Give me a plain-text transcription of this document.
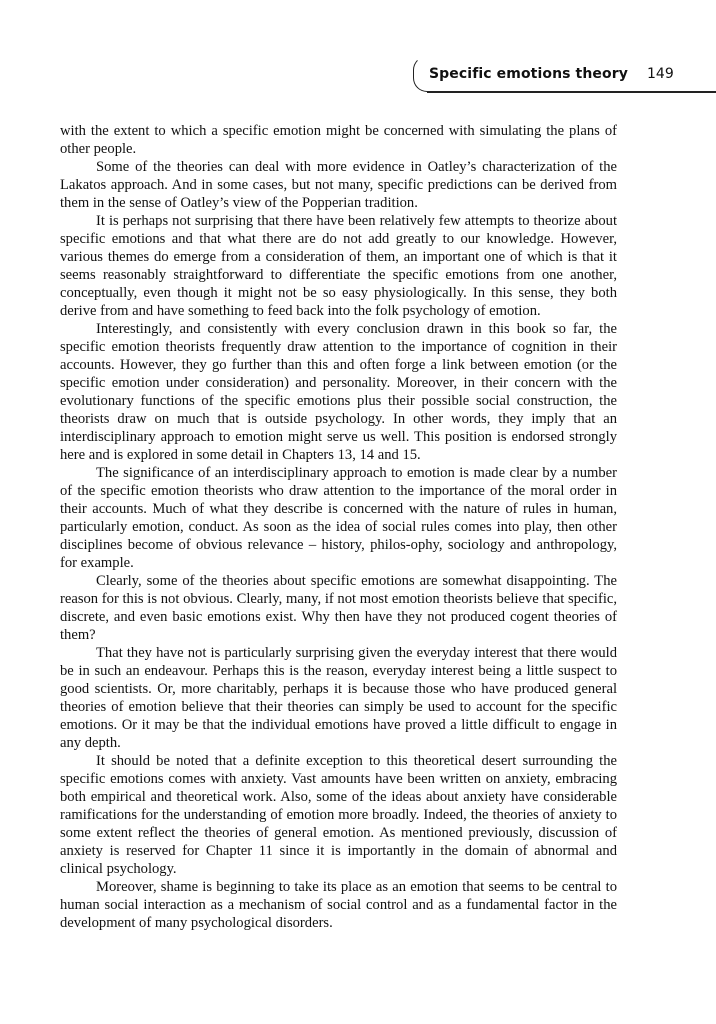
Specific emotions theory 149

with the extent to which a specific emotion might be concerned with simulating the plans of other people.

Some of the theories can deal with more evidence in Oatley’s characterization of the Lakatos approach. And in some cases, but not many, specific predictions can be derived from them in the sense of Oatley’s view of the Popperian tradition.

It is perhaps not surprising that there have been relatively few attempts to theorize about specific emotions and that what there are do not add greatly to our knowledge. However, various themes do emerge from a consideration of them, an important one of which is that it seems reasonably straightforward to differentiate the specific emotions from one another, conceptually, even though it might not be so easy physiologically. In this sense, they both derive from and have something to feed back into the folk psychology of emotion.

Interestingly, and consistently with every conclusion drawn in this book so far, the specific emotion theorists frequently draw attention to the importance of cognition in their accounts. However, they go further than this and often forge a link between emotion (or the specific emotion under consideration) and personality. Moreover, in their concern with the evolutionary functions of the specific emotions plus their possible social construction, the theorists draw on much that is outside psychology. In other words, they imply that an interdisciplinary approach to emotion might serve us well. This position is endorsed strongly here and is explored in some detail in Chapters 13, 14 and 15.

The significance of an interdisciplinary approach to emotion is made clear by a number of the specific emotion theorists who draw attention to the importance of the moral order in their accounts. Much of what they describe is concerned with the nature of rules in human, particularly emotion, conduct. As soon as the idea of social rules comes into play, then other disciplines become of obvious relevance – history, philos-ophy, sociology and anthropology, for example.

Clearly, some of the theories about specific emotions are somewhat disappointing. The reason for this is not obvious. Clearly, many, if not most emotion theorists believe that specific, discrete, and even basic emotions exist. Why then have they not produced cogent theories of them?

That they have not is particularly surprising given the everyday interest that there would be in such an endeavour. Perhaps this is the reason, everyday interest being a little suspect to good scientists. Or, more charitably, perhaps it is because those who have produced general theories of emotion believe that their theories can simply be used to account for the specific emotions. Or it may be that the individual emotions have proved a little difficult to engage in any depth.

It should be noted that a definite exception to this theoretical desert surrounding the specific emotions comes with anxiety. Vast amounts have been written on anxiety, embracing both empirical and theoretical work. Also, some of the ideas about anxiety have considerable ramifications for the understanding of emotion more broadly. Indeed, the theories of anxiety to some extent reflect the theories of general emotion. As mentioned previously, discussion of anxiety is reserved for Chapter 11 since it is importantly in the domain of abnormal and clinical psychology.

Moreover, shame is beginning to take its place as an emotion that seems to be central to human social interaction as a mechanism of social control and as a fundamental factor in the development of many psychological disorders.
